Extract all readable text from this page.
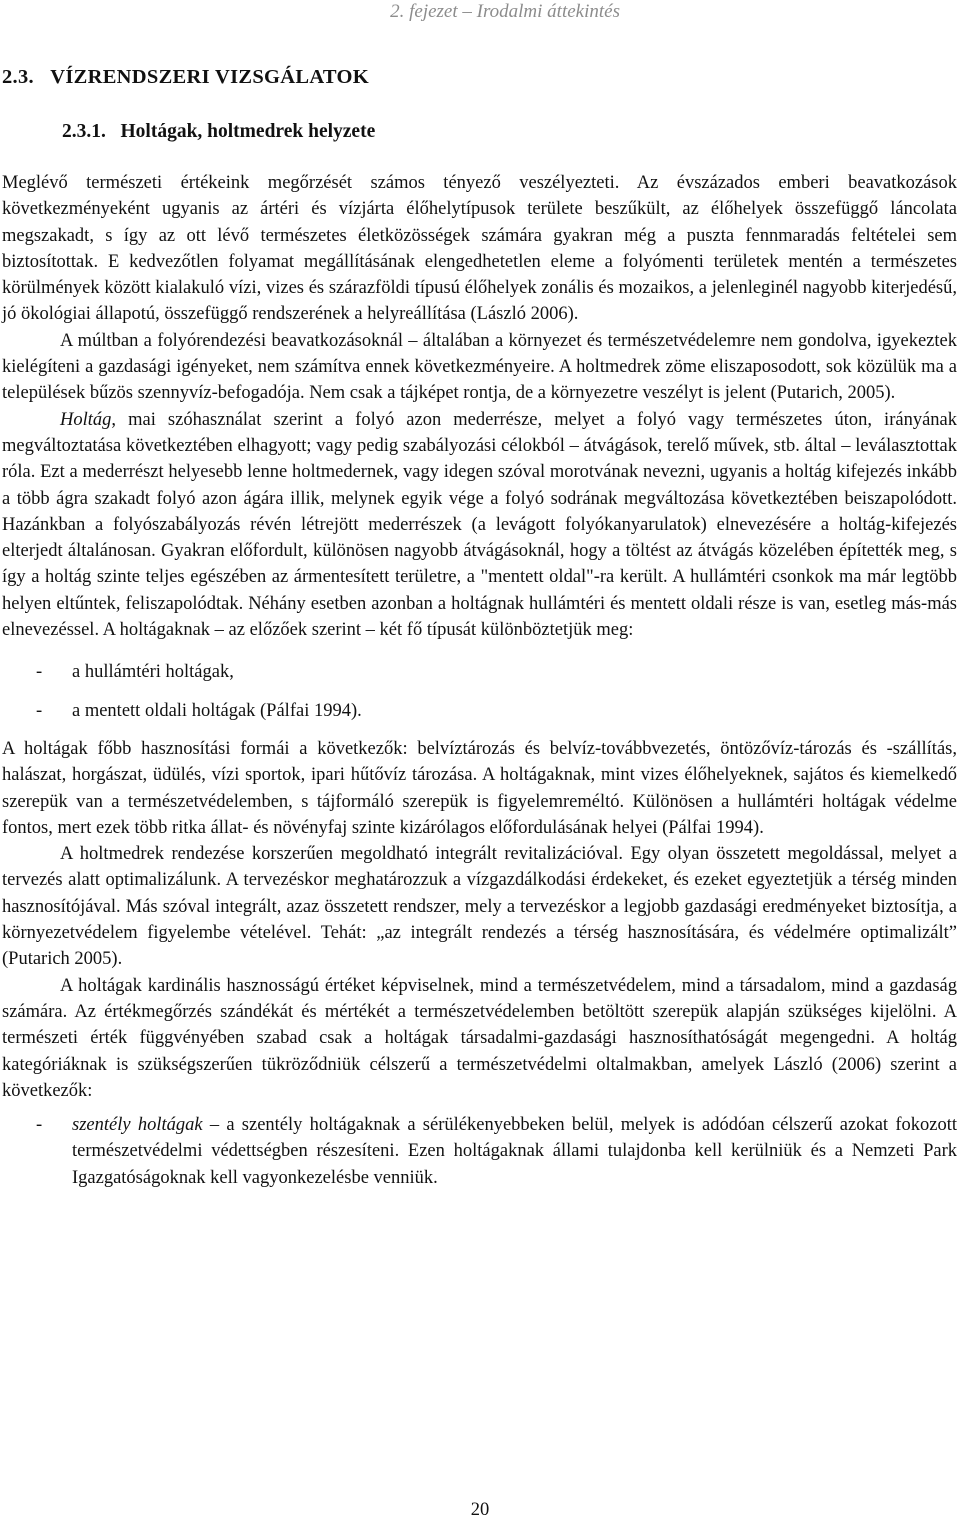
2. fejezet – Irodalmi áttekintés
2.3. VÍZRENDSZERI VIZSGÁLATOK
2.3.1. Holtágak, holtmedrek helyzete

Meglévő természeti értékeink megőrzését számos tényező veszélyezteti. Az évszázados emberi beavatkozások következményeként ugyanis az ártéri és vízjárta élőhelytípusok területe beszűkült, az élőhelyek összefüggő láncolata megszakadt, s így az ott lévő természetes életközösségek számára gyakran még a puszta fennmaradás feltételei sem biztosítottak. E kedvezőtlen folyamat megállításának elengedhetetlen eleme a folyómenti területek mentén a természetes körülmények között kialakuló vízi, vizes és szárazföldi típusú élőhelyek zonális és mozaikos, a jelenleginél nagyobb kiterjedésű, jó ökológiai állapotú, összefüggő rendszerének a helyreállítása (László 2006).

A múltban a folyórendezési beavatkozásoknál – általában a környezet és természetvédelemre nem gondolva, igyekeztek kielégíteni a gazdasági igényeket, nem számítva ennek következményeire. A holtmedrek zöme eliszaposodott, sok közülük ma a települések bűzös szennyvíz-befogadója. Nem csak a tájképet rontja, de a környezetre veszélyt is jelent (Putarich, 2005).

Holtág, mai szóhasználat szerint a folyó azon mederrésze, melyet a folyó vagy természetes úton, irányának megváltoztatása következtében elhagyott; vagy pedig szabályozási célokból – átvágások, terelő művek, stb. által – leválasztottak róla. Ezt a mederrészt helyesebb lenne holtmedernek, vagy idegen szóval morotvának nevezni, ugyanis a holtág kifejezés inkább a több ágra szakadt folyó azon ágára illik, melynek egyik vége a folyó sodrának megváltozása következtében beiszapolódott. Hazánkban a folyószabályozás révén létrejött mederrészek (a levágott folyókanyarulatok) elnevezésére a holtág-kifejezés elterjedt általánosan. Gyakran előfordult, különösen nagyobb átvágásoknál, hogy a töltést az átvágás közelében építették meg, s így a holtág szinte teljes egészében az ármentesített területre, a "mentett oldal"-ra került. A hullámtéri csonkok ma már legtöbb helyen eltűntek, feliszapolódtak. Néhány esetben azonban a holtágnak hullámtéri és mentett oldali része is van, esetleg más-más elnevezéssel. A holtágaknak – az előzőek szerint – két fő típusát különböztetjük meg:

- a hullámtéri holtágak,
- a mentett oldali holtágak (Pálfai 1994).

A holtágak főbb hasznosítási formái a következők: belvíztározás és belvíz-továbbvezetés, öntözővíz-tározás és -szállítás, halászat, horgászat, üdülés, vízi sportok, ipari hűtővíz tározása. A holtágaknak, mint vizes élőhelyeknek, sajátos és kiemelkedő szerepük van a természetvédelemben, s tájformáló szerepük is figyelemreméltó. Különösen a hullámtéri holtágak védelme fontos, mert ezek több ritka állat- és növényfaj szinte kizárólagos előfordulásának helyei (Pálfai 1994).

A holtmedrek rendezése korszerűen megoldható integrált revitalizációval. Egy olyan összetett megoldással, melyet a tervezés alatt optimalizálunk. A tervezéskor meghatározzuk a vízgazdálkodási érdekeket, és ezeket egyeztetjük a térség minden hasznosítójával. Más szóval integrált, azaz összetett rendszer, mely a tervezéskor a legjobb gazdasági eredményeket biztosítja, a környezetvédelem figyelembe vételével. Tehát: „az integrált rendezés a térség hasznosítására, és védelmére optimalizált” (Putarich 2005).

A holtágak kardinális hasznosságú értéket képviselnek, mind a természetvédelem, mind a társadalom, mind a gazdaság számára. Az értékmegőrzés szándékát és mértékét a természetvédelemben betöltött szerepük alapján szükséges kijelölni. A természeti érték függvényében szabad csak a holtágak társadalmi-gazdasági hasznosíthatóságát megengedni. A holtág kategóriáknak is szükségszerűen tükröződniük célszerű a természetvédelmi oltalmakban, amelyek László (2006) szerint a következők:

- szentély holtágak – a szentély holtágaknak a sérülékenyebbeken belül, melyek is adódóan célszerű azokat fokozott természetvédelmi védettségben részesíteni. Ezen holtágaknak állami tulajdonba kell kerülniük és a Nemzeti Park Igazgatóságoknak kell vagyonkezelésbe venniük.
20
